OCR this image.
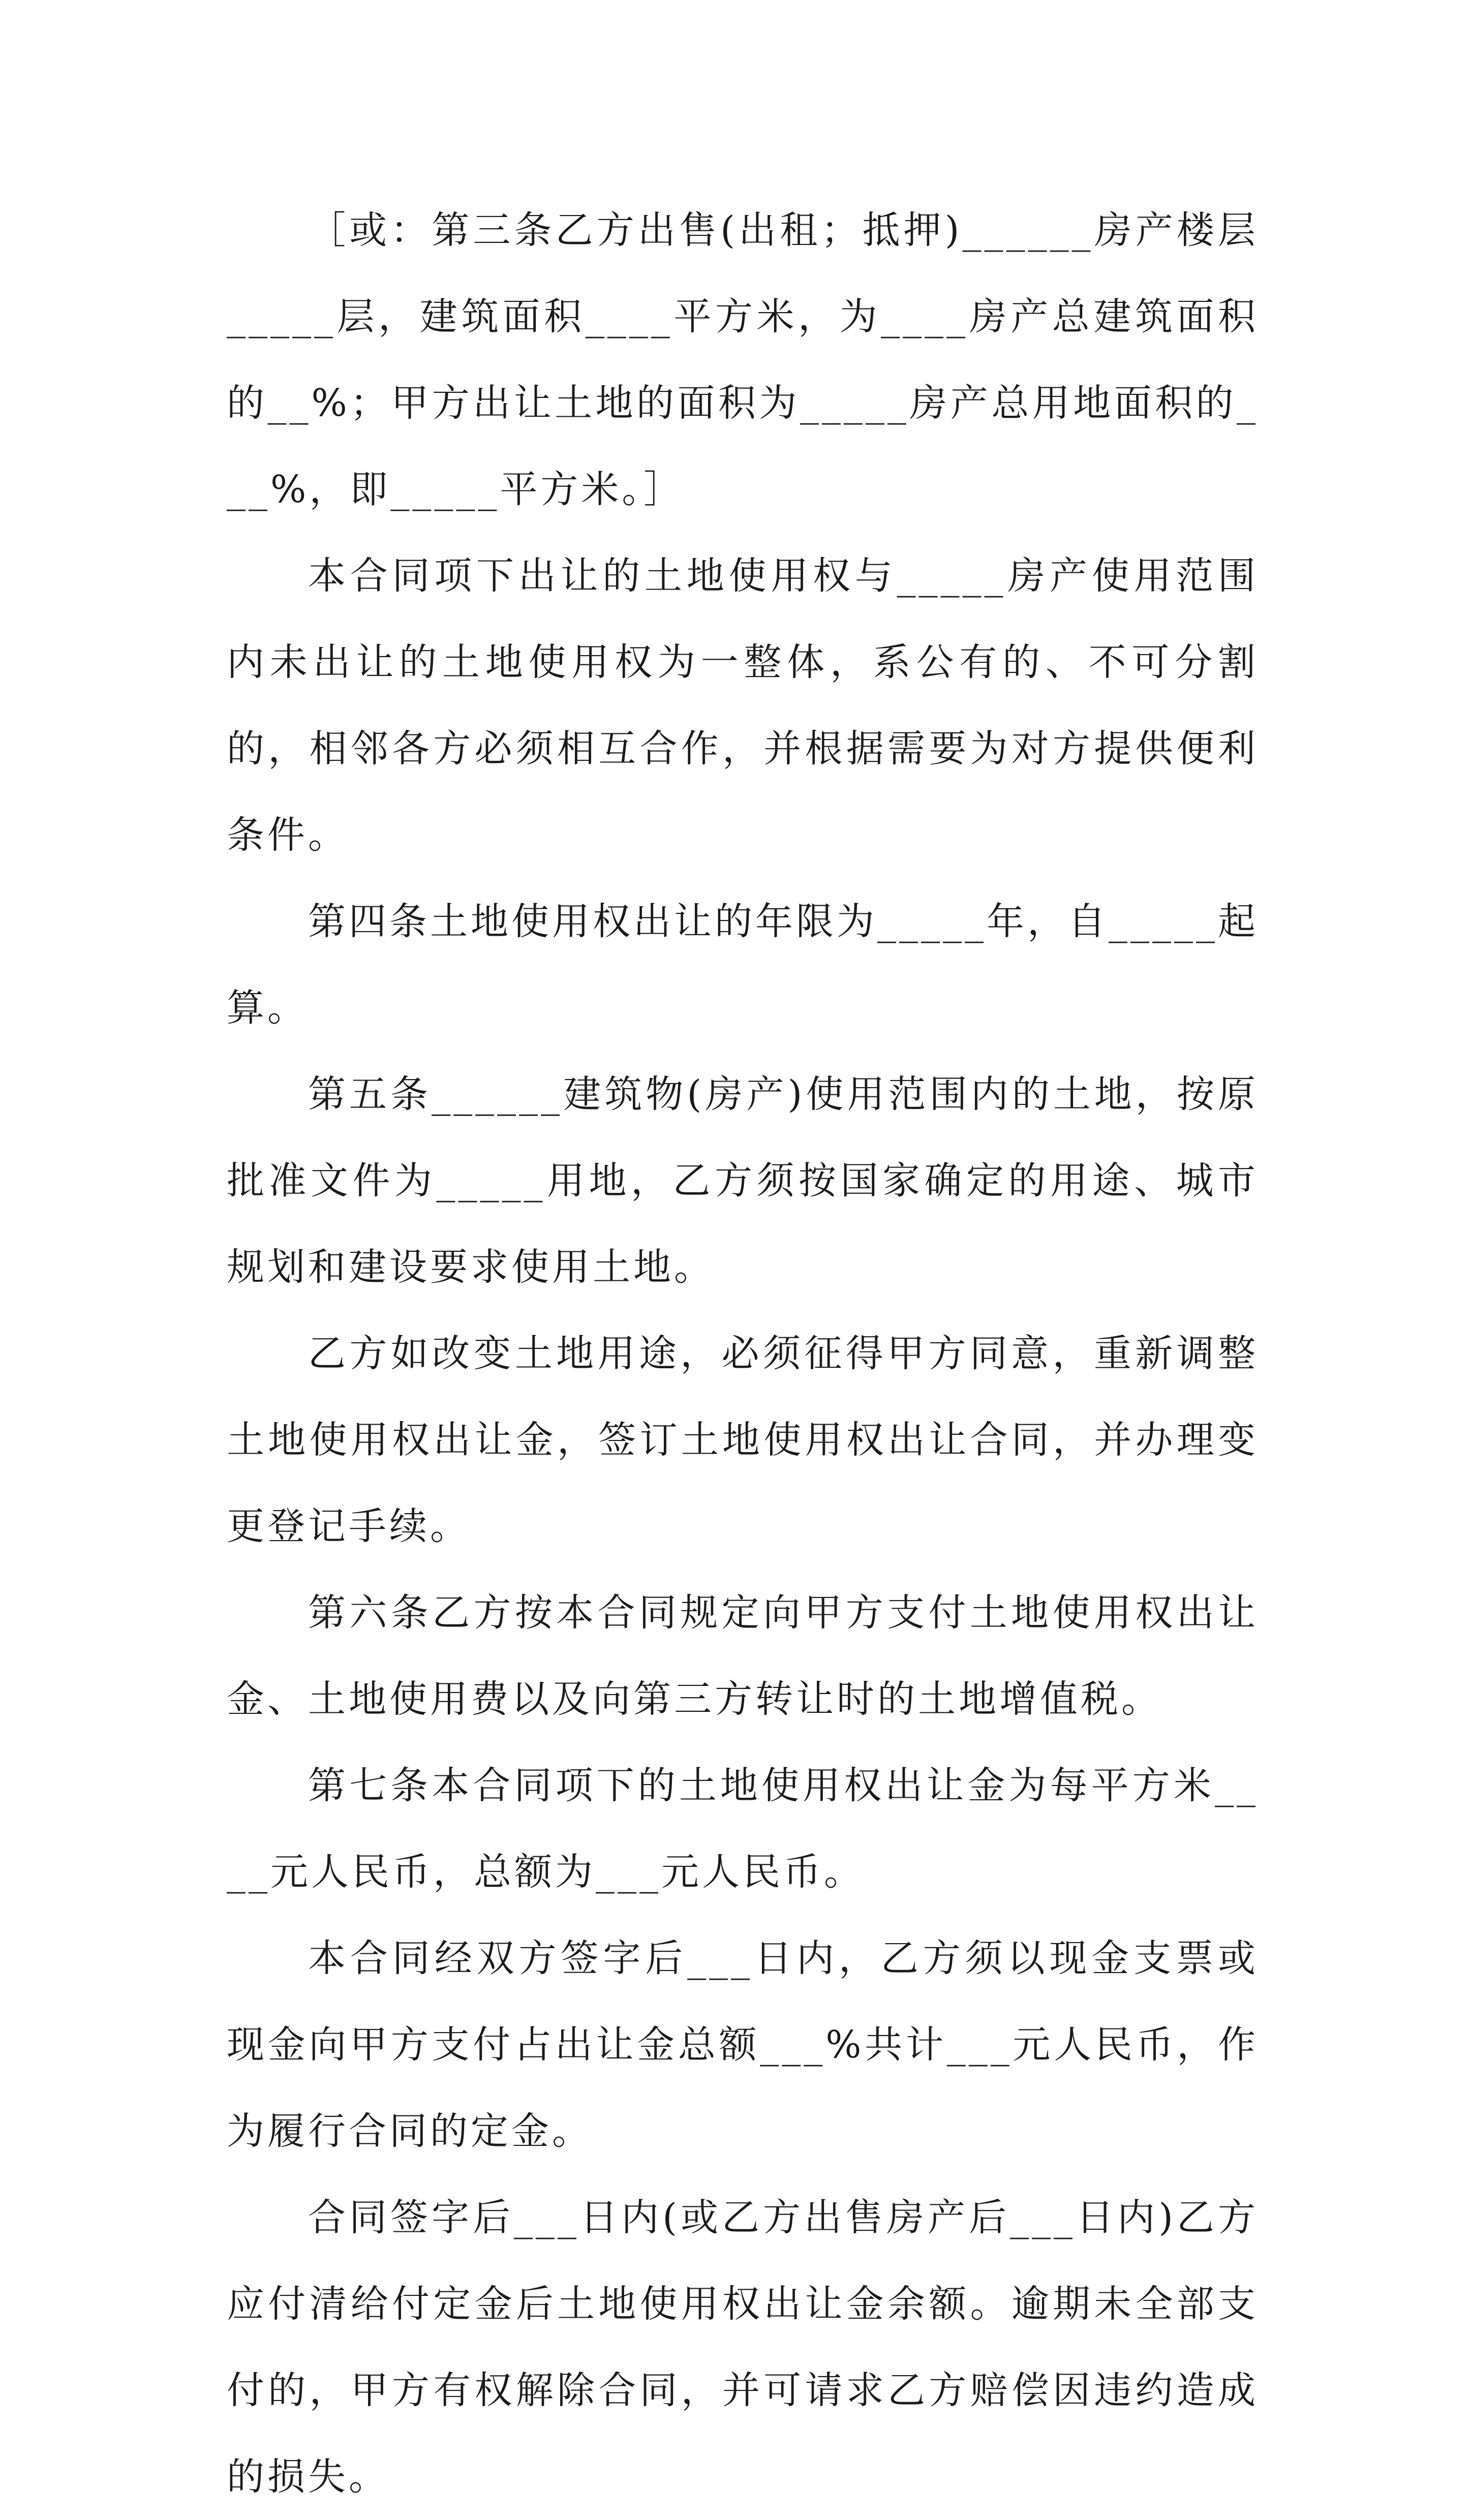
［或：第三条乙方出售(出租；抵押)______房产楼层_____层，建筑面积____平方米，为____房产总建筑面积的__%；甲方出让土地的面积为_____房产总用地面积的___%，即_____平方米。］

本合同项下出让的土地使用权与_____房产使用范围内未出让的土地使用权为一整体，系公有的、不可分割的，相邻各方必须相互合作，并根据需要为对方提供便利条件。

第四条土地使用权出让的年限为_____年，自_____起算。

第五条______建筑物(房产)使用范围内的土地，按原批准文件为_____用地，乙方须按国家确定的用途、城市规划和建设要求使用土地。

乙方如改变土地用途，必须征得甲方同意，重新调整土地使用权出让金，签订土地使用权出让合同，并办理变更登记手续。

第六条乙方按本合同规定向甲方支付土地使用权出让金、土地使用费以及向第三方转让时的土地增值税。

第七条本合同项下的土地使用权出让金为每平方米____元人民币，总额为___元人民币。

本合同经双方签字后___日内，乙方须以现金支票或现金向甲方支付占出让金总额___%共计___元人民币，作为履行合同的定金。

合同签字后___日内(或乙方出售房产后___日内)乙方应付清给付定金后土地使用权出让金余额。逾期未全部支付的，甲方有权解除合同，并可请求乙方赔偿因违约造成的损失。
